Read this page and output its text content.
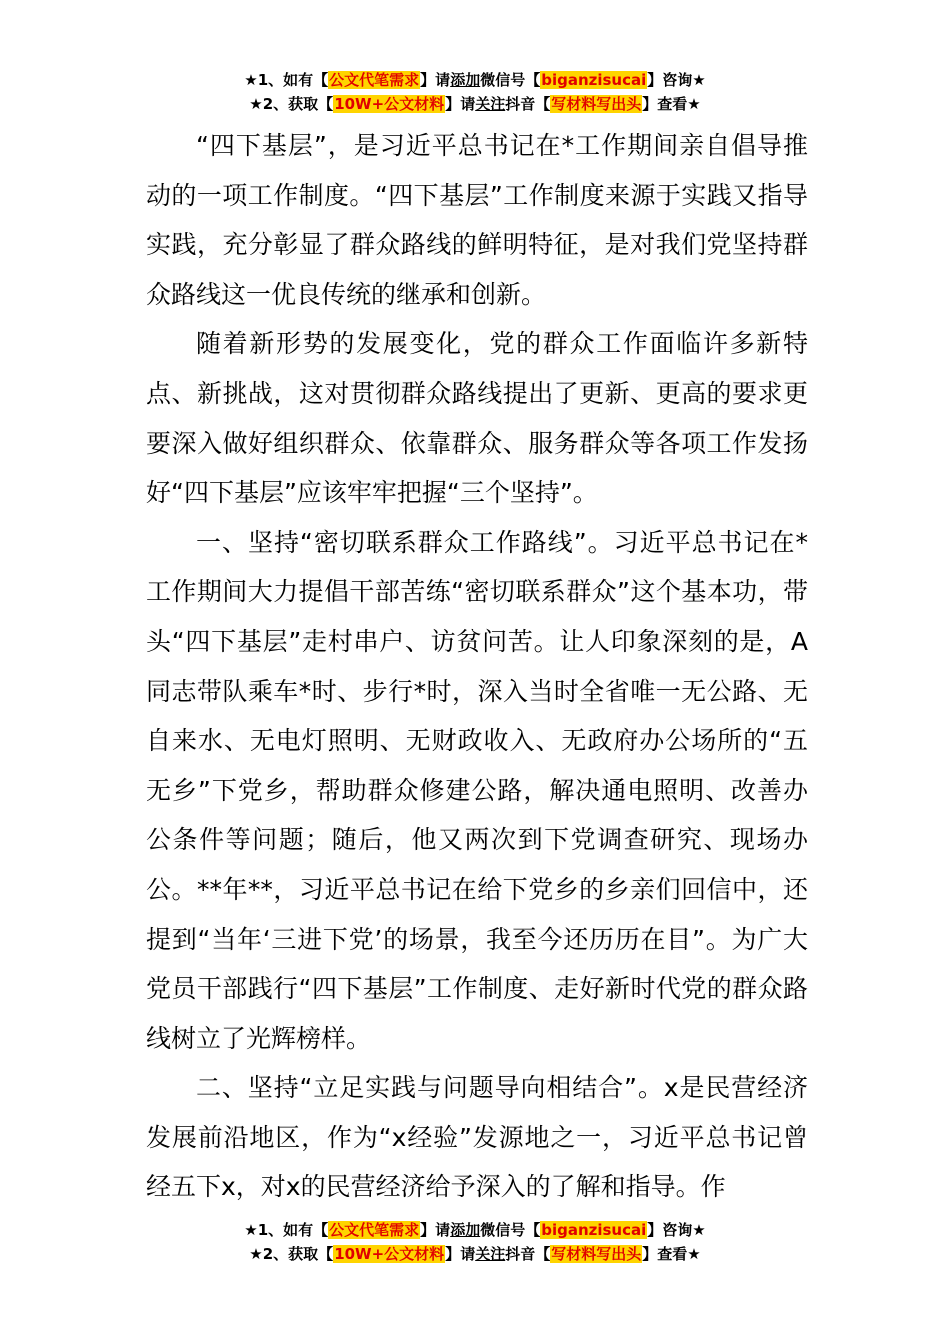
★1、如有【公文代笔需求】请添加微信号【biganzisucai】咨询★
★2、获取【10W+公文材料】请关注抖音【写材料写出头】查看★

“四下基层”，是习近平总书记在*工作期间亲自倡导推动的一项工作制度。“四下基层”工作制度来源于实践又指导实践，充分彰显了群众路线的鲜明特征，是对我们党坚持群众路线这一优良传统的继承和创新。

随着新形势的发展变化，党的群众工作面临许多新特点、新挑战，这对贯彻群众路线提出了更新、更高的要求更要深入做好组织群众、依靠群众、服务群众等各项工作发扬好“四下基层”应该牢牢把握“三个坚持”。

一、坚持“密切联系群众工作路线”。习近平总书记在*工作期间大力提倡干部苦练“密切联系群众”这个基本功，带头“四下基层”走村串户、访贫问苦。让人印象深刻的是，A同志带队乘车*时、步行*时，深入当时全省唯一无公路、无自来水、无电灯照明、无财政收入、无政府办公场所的“五无乡”下党乡，帮助群众修建公路，解决通电照明、改善办公条件等问题；随后，他又两次到下党调查研究、现场办公。**年**，习近平总书记在给下党乡的乡亲们回信中，还提到“当年‘三进下党’的场景，我至今还历历在目”。为广大党员干部践行“四下基层”工作制度、走好新时代党的群众路线树立了光辉榜样。

二、坚持“立足实践与问题导向相结合”。x是民营经济发展前沿地区，作为“x经验”发源地之一，习近平总书记曾经五下x，对x的民营经济给予深入的了解和指导。作

★1、如有【公文代笔需求】请添加微信号【biganzisucai】咨询★
★2、获取【10W+公文材料】请关注抖音【写材料写出头】查看★
